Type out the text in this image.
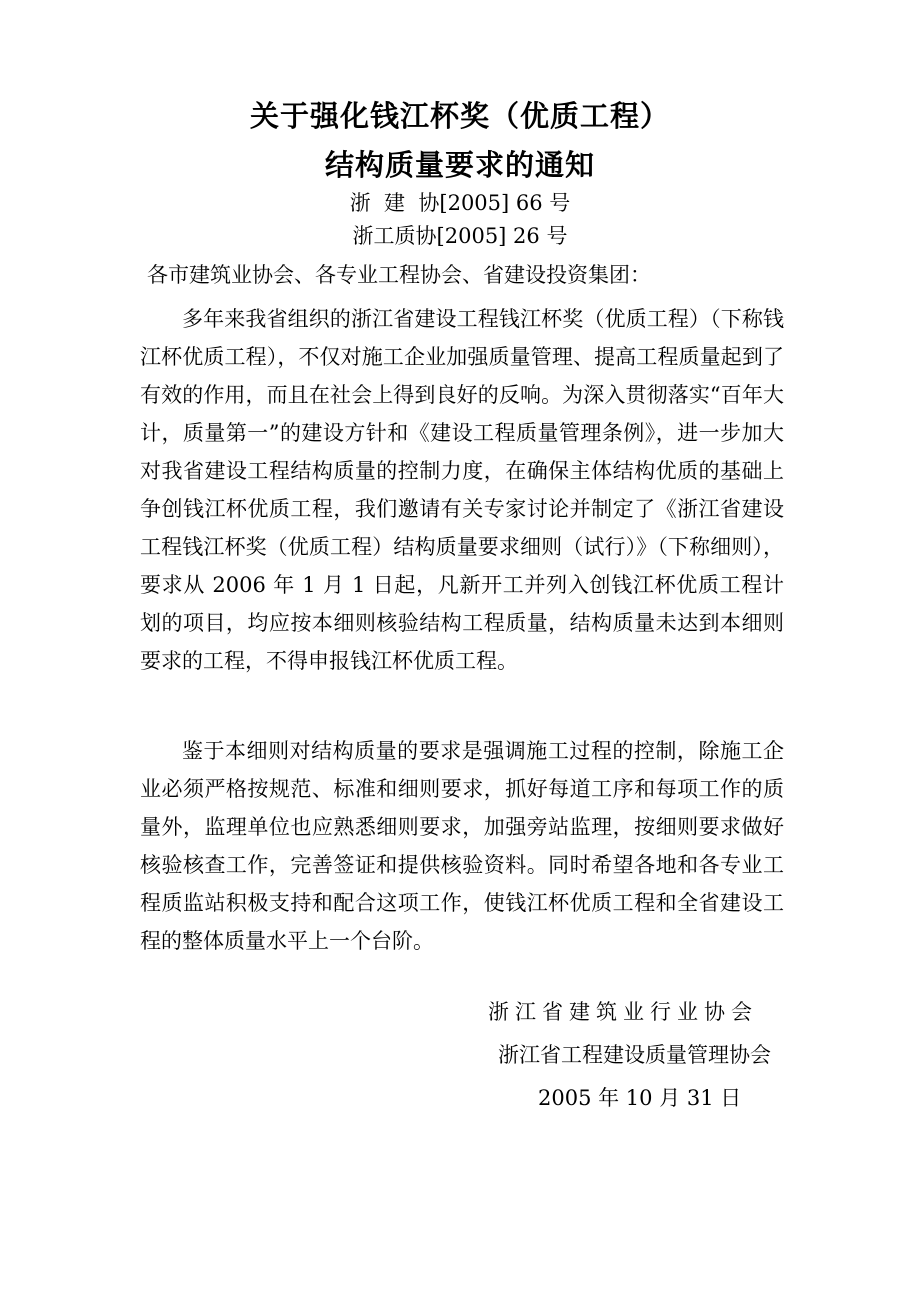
关于强化钱江杯奖（优质工程）
结构质量要求的通知
浙  建  协[2005] 66 号
浙工质协[2005] 26 号
各市建筑业协会、各专业工程协会、省建设投资集团：
多年来我省组织的浙江省建设工程钱江杯奖（优质工程）（下称钱江杯优质工程），不仅对施工企业加强质量管理、提高工程质量起到了有效的作用，而且在社会上得到良好的反响。为深入贯彻落实“百年大计，质量第一”的建设方针和《建设工程质量管理条例》，进一步加大对我省建设工程结构质量的控制力度，在确保主体结构优质的基础上争创钱江杯优质工程，我们邀请有关专家讨论并制定了《浙江省建设工程钱江杯奖（优质工程）结构质量要求细则（试行）》（下称细则），要求从 2006 年 1 月 1 日起，凡新开工并列入创钱江杯优质工程计划的项目，均应按本细则核验结构工程质量，结构质量未达到本细则要求的工程，不得申报钱江杯优质工程。
鉴于本细则对结构质量的要求是强调施工过程的控制，除施工企业必须严格按规范、标准和细则要求，抓好每道工序和每项工作的质量外，监理单位也应熟悉细则要求，加强旁站监理，按细则要求做好核验核查工作，完善签证和提供核验资料。同时希望各地和各专业工程质监站积极支持和配合这项工作，使钱江杯优质工程和全省建设工程的整体质量水平上一个台阶。
浙江省建筑业行业协会
浙江省工程建设质量管理协会
2005 年 10 月 31 日
